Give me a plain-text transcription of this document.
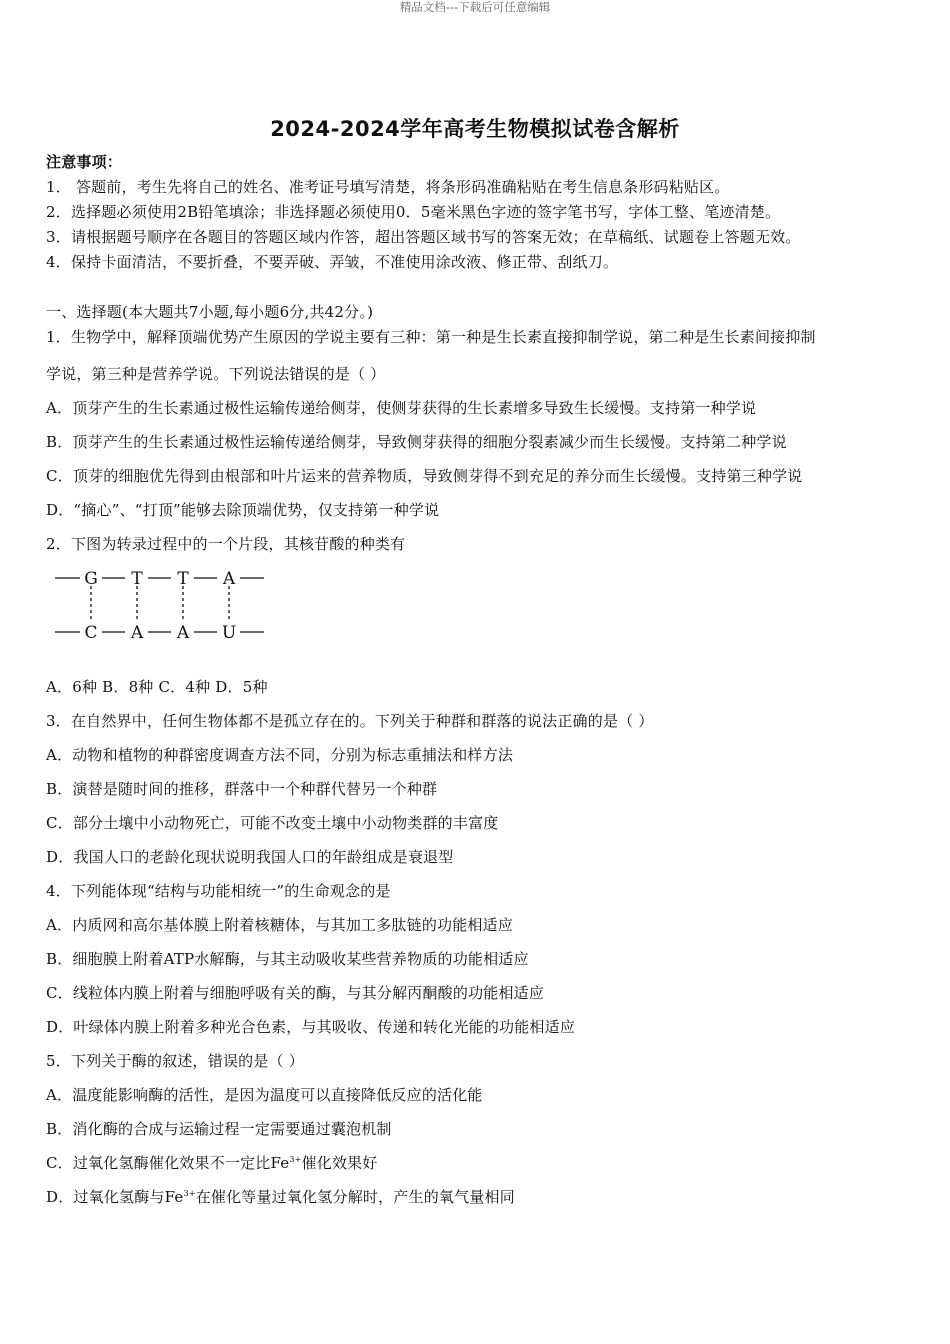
精品文档---下载后可任意编辑
2024-2024学年高考生物模拟试卷含解析
注意事项：
1． 答题前，考生先将自己的姓名、准考证号填写清楚，将条形码准确粘贴在考生信息条形码粘贴区。
2．选择题必须使用2B铅笔填涂；非选择题必须使用0．5毫米黑色字迹的签字笔书写，字体工整、笔迹清楚。
3．请根据题号顺序在各题目的答题区域内作答，超出答题区域书写的答案无效；在草稿纸、试题卷上答题无效。
4．保持卡面清洁，不要折叠，不要弄破、弄皱，不准使用涂改液、修正带、刮纸刀。
一、选择题(本大题共7小题,每小题6分,共42分。)
1．生物学中，解释顶端优势产生原因的学说主要有三种：第一种是生长素直接抑制学说，第二种是生长素间接抑制
学说，第三种是营养学说。下列说法错误的是（ ）
A．顶芽产生的生长素通过极性运输传递给侧芽，使侧芽获得的生长素增多导致生长缓慢。支持第一种学说
B．顶芽产生的生长素通过极性运输传递给侧芽，导致侧芽获得的细胞分裂素减少而生长缓慢。支持第二种学说
C．顶芽的细胞优先得到由根部和叶片运来的营养物质，导致侧芽得不到充足的养分而生长缓慢。支持第三种学说
D．“摘心”、“打顶”能够去除顶端优势，仅支持第一种学说
2．下图为转录过程中的一个片段，其核苷酸的种类有
G T T A
C A A U
A．6种 B．8种 C．4种 D．5种
3．在自然界中，任何生物体都不是孤立存在的。下列关于种群和群落的说法正确的是（ ）
A．动物和植物的种群密度调查方法不同，分别为标志重捕法和样方法
B．演替是随时间的推移，群落中一个种群代替另一个种群
C．部分土壤中小动物死亡，可能不改变土壤中小动物类群的丰富度
D．我国人口的老龄化现状说明我国人口的年龄组成是衰退型
4．下列能体现“结构与功能相统一”的生命观念的是
A．内质网和高尔基体膜上附着核糖体，与其加工多肽链的功能相适应
B．细胞膜上附着ATP水解酶，与其主动吸收某些营养物质的功能相适应
C．线粒体内膜上附着与细胞呼吸有关的酶，与其分解丙酮酸的功能相适应
D．叶绿体内膜上附着多种光合色素，与其吸收、传递和转化光能的功能相适应
5．下列关于酶的叙述，错误的是（ ）
A．温度能影响酶的活性，是因为温度可以直接降低反应的活化能
B．消化酶的合成与运输过程一定需要通过囊泡机制
C．过氧化氢酶催化效果不一定比$Fe^{3+}$催化效果好
D．过氧化氢酶与$Fe^{3+}$在催化等量过氧化氢分解时，产生的氧气量相同
